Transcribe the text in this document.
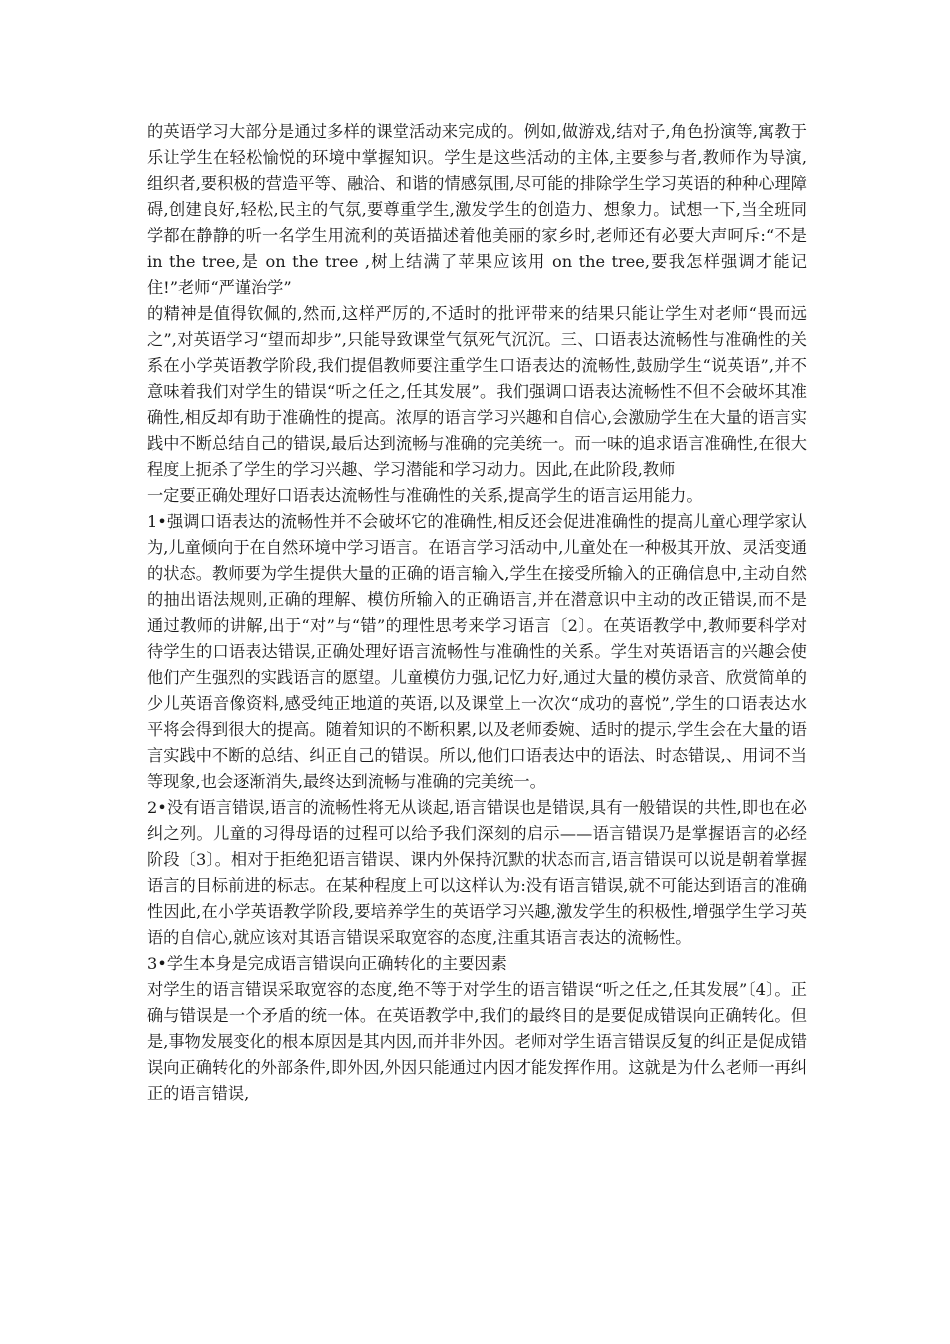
的英语学习大部分是通过多样的课堂活动来完成的。例如,做游戏,结对子,角色扮演等,寓教于乐让学生在轻松愉悦的环境中掌握知识。学生是这些活动的主体,主要参与者,教师作为导演,组织者,要积极的营造平等、融洽、和谐的情感氛围,尽可能的排除学生学习英语的种种心理障碍,创建良好,轻松,民主的气氛,要尊重学生,激发学生的创造力、想象力。试想一下,当全班同学都在静静的听一名学生用流利的英语描述着他美丽的家乡时,老师还有必要大声呵斥:“不是 in the tree,是 on the tree ,树上结满了苹果应该用 on the tree,要我怎样强调才能记住!”老师“严谨治学”

的精神是值得钦佩的,然而,这样严厉的,不适时的批评带来的结果只能让学生对老师“畏而远之”,对英语学习“望而却步”,只能导致课堂气氛死气沉沉。三、口语表达流畅性与准确性的关系在小学英语教学阶段,我们提倡教师要注重学生口语表达的流畅性,鼓励学生“说英语”,并不意味着我们对学生的错误“听之任之,任其发展”。我们强调口语表达流畅性不但不会破坏其准确性,相反却有助于准确性的提高。浓厚的语言学习兴趣和自信心,会激励学生在大量的语言实践中不断总结自己的错误,最后达到流畅与准确的完美统一。而一味的追求语言准确性,在很大程度上扼杀了学生的学习兴趣、学习潜能和学习动力。因此,在此阶段,教师

一定要正确处理好口语表达流畅性与准确性的关系,提高学生的语言运用能力。

1•强调口语表达的流畅性并不会破坏它的准确性,相反还会促进准确性的提高儿童心理学家认为,儿童倾向于在自然环境中学习语言。在语言学习活动中,儿童处在一种极其开放、灵活变通的状态。教师要为学生提供大量的正确的语言输入,学生在接受所输入的正确信息中,主动自然的抽出语法规则,正确的理解、模仿所输入的正确语言,并在潜意识中主动的改正错误,而不是通过教师的讲解,出于“对”与“错”的理性思考来学习语言〔2〕。在英语教学中,教师要科学对待学生的口语表达错误,正确处理好语言流畅性与准确性的关系。学生对英语语言的兴趣会使他们产生强烈的实践语言的愿望。儿童模仿力强,记忆力好,通过大量的模仿录音、欣赏简单的少儿英语音像资料,感受纯正地道的英语,以及课堂上一次次“成功的喜悦”,学生的口语表达水平将会得到很大的提高。随着知识的不断积累,以及老师委婉、适时的提示,学生会在大量的语言实践中不断的总结、纠正自己的错误。所以,他们口语表达中的语法、时态错误,、用词不当等现象,也会逐渐消失,最终达到流畅与准确的完美统一。

2•没有语言错误,语言的流畅性将无从谈起,语言错误也是错误,具有一般错误的共性,即也在必纠之列。儿童的习得母语的过程可以给予我们深刻的启示——语言错误乃是掌握语言的必经阶段〔3〕。相对于拒绝犯语言错误、课内外保持沉默的状态而言,语言错误可以说是朝着掌握语言的目标前进的标志。在某种程度上可以这样认为:没有语言错误,就不可能达到语言的准确性因此,在小学英语教学阶段,要培养学生的英语学习兴趣,激发学生的积极性,增强学生学习英语的自信心,就应该对其语言错误采取宽容的态度,注重其语言表达的流畅性。

3•学生本身是完成语言错误向正确转化的主要因素

对学生的语言错误采取宽容的态度,绝不等于对学生的语言错误“听之任之,任其发展”〔4〕。正确与错误是一个矛盾的统一体。在英语教学中,我们的最终目的是要促成错误向正确转化。但是,事物发展变化的根本原因是其内因,而并非外因。老师对学生语言错误反复的纠正是促成错误向正确转化的外部条件,即外因,外因只能通过内因才能发挥作用。这就是为什么老师一再纠正的语言错误,
